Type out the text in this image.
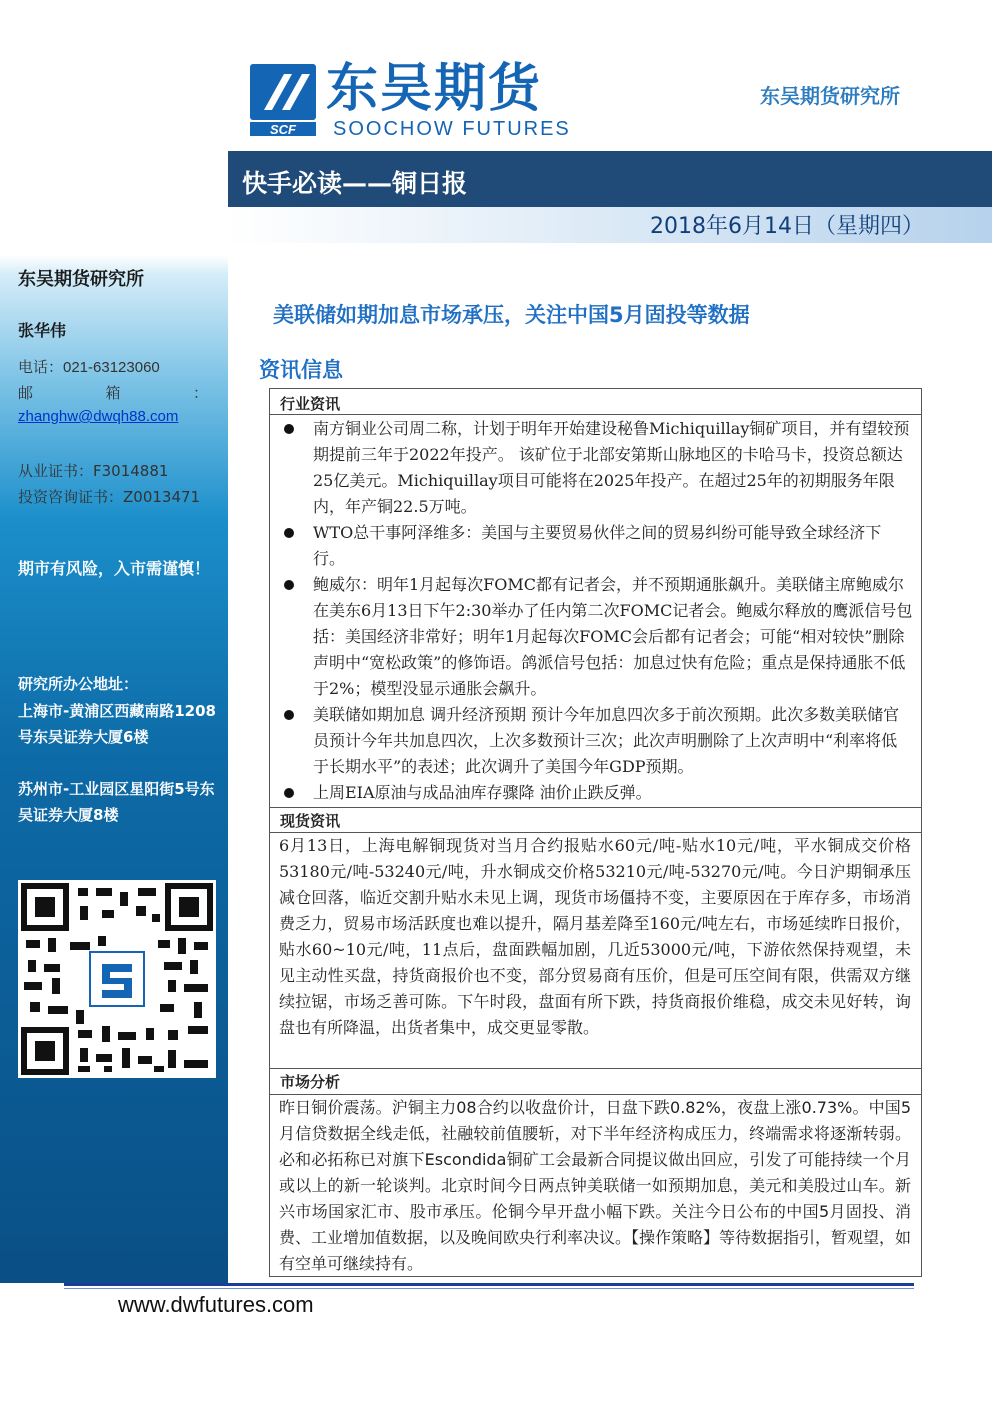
东吴期货研究所
张华伟
电话：021-63123060
邮	箱	：
zhanghw@dwqh88.com
从业证书：F3014881
投资咨询证书：Z0013471
期市有风险，入市需谨慎！
研究所办公地址：
上海市-黄浦区西藏南路1208号东吴证券大厦6楼
苏州市-工业园区星阳街5号东吴证券大厦8楼
SCF
东吴期货
SOOCHOW FUTURES
东吴期货研究所
快手必读——铜日报
2018年6月14日（星期四）
美联储如期加息市场承压，关注中国5月固投等数据
资讯信息
行业资讯
南方铜业公司周二称，计划于明年开始建设秘鲁Michiquillay铜矿项目，并有望较预期提前三年于2022年投产。 该矿位于北部安第斯山脉地区的卡哈马卡，投资总额达25亿美元。Michiquillay项目可能将在2025年投产。在超过25年的初期服务年限内，年产铜22.5万吨。
WTO总干事阿泽维多：美国与主要贸易伙伴之间的贸易纠纷可能导致全球经济下行。
鲍威尔：明年1月起每次FOMC都有记者会，并不预期通胀飙升。美联储主席鲍威尔在美东6月13日下午2:30举办了任内第二次FOMC记者会。鲍威尔释放的鹰派信号包括：美国经济非常好；明年1月起每次FOMC会后都有记者会；可能“相对较快”删除声明中“宽松政策”的修饰语。鸽派信号包括：加息过快有危险；重点是保持通胀不低于2%；模型没显示通胀会飙升。
美联储如期加息 调升经济预期 预计今年加息四次多于前次预期。此次多数美联储官员预计今年共加息四次，上次多数预计三次；此次声明删除了上次声明中“利率将低于长期水平”的表述；此次调升了美国今年GDP预期。
上周EIA原油与成品油库存骤降 油价止跌反弹。
现货资讯
6月13日，上海电解铜现货对当月合约报贴水60元/吨-贴水10元/吨，平水铜成交价格53180元/吨-53240元/吨，升水铜成交价格53210元/吨-53270元/吨。今日沪期铜承压减仓回落，临近交割升贴水未见上调，现货市场僵持不变，主要原因在于库存多，市场消费乏力，贸易市场活跃度也难以提升，隔月基差降至160元/吨左右，市场延续昨日报价，贴水60~10元/吨，11点后，盘面跌幅加剧，几近53000元/吨，下游依然保持观望，未见主动性买盘，持货商报价也不变，部分贸易商有压价，但是可压空间有限，供需双方继续拉锯，市场乏善可陈。下午时段，盘面有所下跌，持货商报价维稳，成交未见好转，询盘也有所降温，出货者集中，成交更显零散。
市场分析
昨日铜价震荡。沪铜主力08合约以收盘价计，日盘下跌0.82%，夜盘上涨0.73%。中国5月信贷数据全线走低，社融较前值腰斩，对下半年经济构成压力，终端需求将逐渐转弱。必和必拓称已对旗下Escondida铜矿工会最新合同提议做出回应，引发了可能持续一个月或以上的新一轮谈判。北京时间今日两点钟美联储一如预期加息，美元和美股过山车。新兴市场国家汇市、股市承压。伦铜今早开盘小幅下跌。关注今日公布的中国5月固投、消费、工业增加值数据，以及晚间欧央行利率决议。【操作策略】等待数据指引，暂观望，如有空单可继续持有。
www.dwfutures.com
